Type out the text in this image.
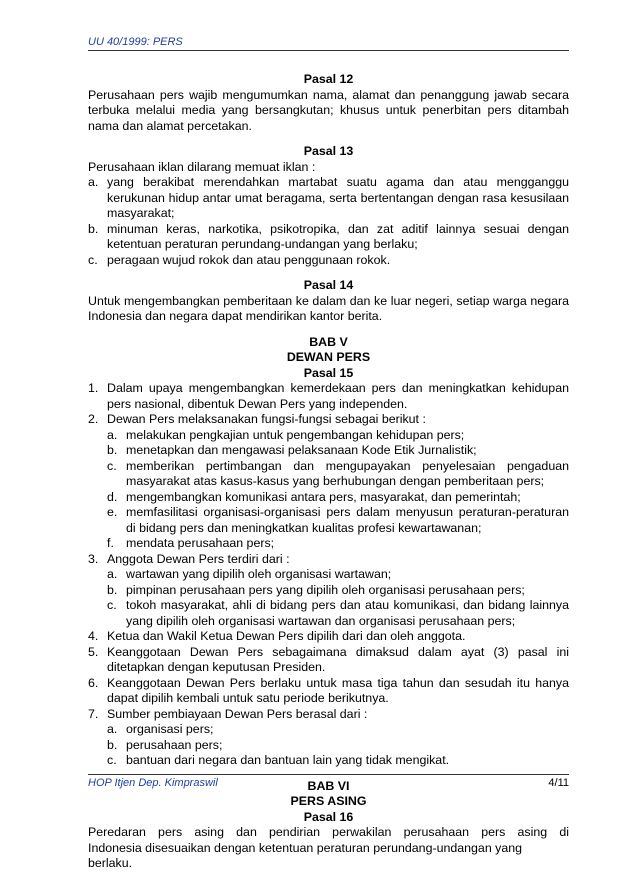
UU 40/1999: PERS
Pasal 12
Perusahaan pers wajib mengumumkan nama, alamat dan penanggung jawab secara terbuka melalui media yang bersangkutan; khusus untuk penerbitan pers ditambah nama dan alamat percetakan.
Pasal 13
Perusahaan iklan dilarang memuat iklan :
a. yang berakibat merendahkan martabat suatu agama dan atau mengganggu kerukunan hidup antar umat beragama, serta bertentangan dengan rasa kesusilaan masyarakat;
b. minuman keras, narkotika, psikotropika, dan zat aditif lainnya sesuai dengan ketentuan peraturan perundang-undangan yang berlaku;
c. peragaan wujud rokok dan atau penggunaan rokok.
Pasal 14
Untuk mengembangkan pemberitaan ke dalam dan ke luar negeri, setiap warga negara Indonesia dan negara dapat mendirikan kantor berita.
BAB V
DEWAN PERS
Pasal 15
1. Dalam upaya mengembangkan kemerdekaan pers dan meningkatkan kehidupan pers nasional, dibentuk Dewan Pers yang independen.
2. Dewan Pers melaksanakan fungsi-fungsi sebagai berikut :
a. melakukan pengkajian untuk pengembangan kehidupan pers;
b. menetapkan dan mengawasi pelaksanaan Kode Etik Jurnalistik;
c. memberikan pertimbangan dan mengupayakan penyelesaian pengaduan masyarakat atas kasus-kasus yang berhubungan dengan pemberitaan pers;
d. mengembangkan komunikasi antara pers, masyarakat, dan pemerintah;
e. memfasilitasi organisasi-organisasi pers dalam menyusun peraturan-peraturan di bidang pers dan meningkatkan kualitas profesi kewartawanan;
f. mendata perusahaan pers;
3. Anggota Dewan Pers terdiri dari :
a. wartawan yang dipilih oleh organisasi wartawan;
b. pimpinan perusahaan pers yang dipilih oleh organisasi perusahaan pers;
c. tokoh masyarakat, ahli di bidang pers dan atau komunikasi, dan bidang lainnya yang dipilih oleh organisasi wartawan dan organisasi perusahaan pers;
4. Ketua dan Wakil Ketua Dewan Pers dipilih dari dan oleh anggota.
5. Keanggotaan Dewan Pers sebagaimana dimaksud dalam ayat (3) pasal ini ditetapkan dengan keputusan Presiden.
6. Keanggotaan Dewan Pers berlaku untuk masa tiga tahun dan sesudah itu hanya dapat dipilih kembali untuk satu periode berikutnya.
7. Sumber pembiayaan Dewan Pers berasal dari :
a. organisasi pers;
b. perusahaan pers;
c. bantuan dari negara dan bantuan lain yang tidak mengikat.
BAB VI
PERS ASING
Pasal 16
Peredaran pers asing dan pendirian perwakilan perusahaan pers asing di
Indonesia disesuaikan dengan ketentuan peraturan perundang-undangan yang berlaku.
HOP Itjen Dep. Kimpraswil	4/11
